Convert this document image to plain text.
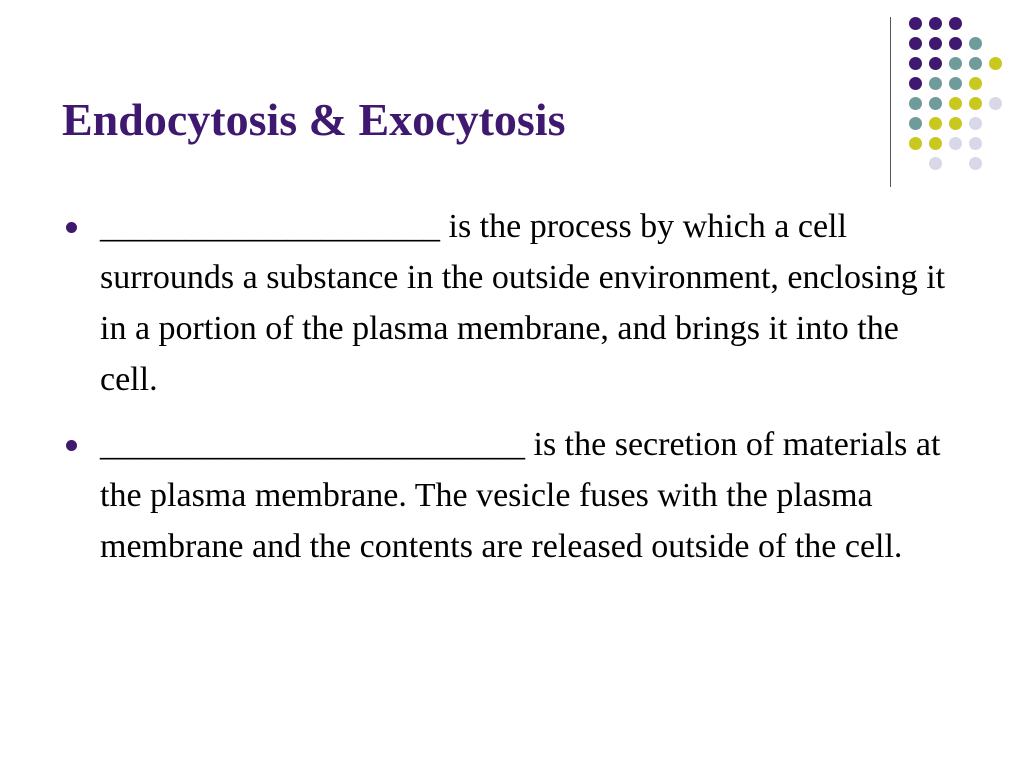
Endocytosis & Exocytosis
____________________ is the process by which a cell surrounds a substance in the outside environment, enclosing it in a portion of the plasma membrane, and brings it into the cell.
_________________________ is the secretion of materials at the plasma membrane. The vesicle fuses with the plasma membrane and the contents are released outside of the cell.
